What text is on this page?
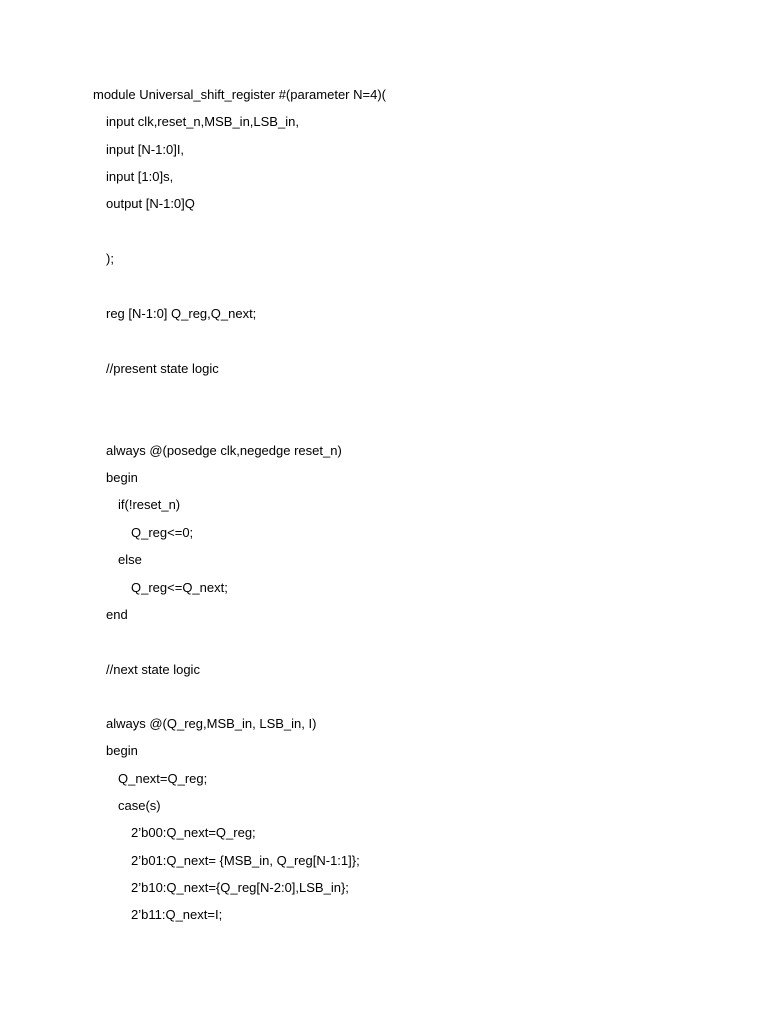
module Universal_shift_register #(parameter N=4)(
input clk,reset_n,MSB_in,LSB_in,
input [N-1:0]I,
input [1:0]s,
output [N-1:0]Q
);
reg [N-1:0] Q_reg,Q_next;
//present state logic
always @(posedge clk,negedge reset_n)
begin
if(!reset_n)
Q_reg<=0;
else
Q_reg<=Q_next;
end
//next state logic
always @(Q_reg,MSB_in, LSB_in, I)
begin
Q_next=Q_reg;
case(s)
2’b00:Q_next=Q_reg;
2’b01:Q_next= {MSB_in, Q_reg[N-1:1]};
2’b10:Q_next={Q_reg[N-2:0],LSB_in};
2’b11:Q_next=I;
